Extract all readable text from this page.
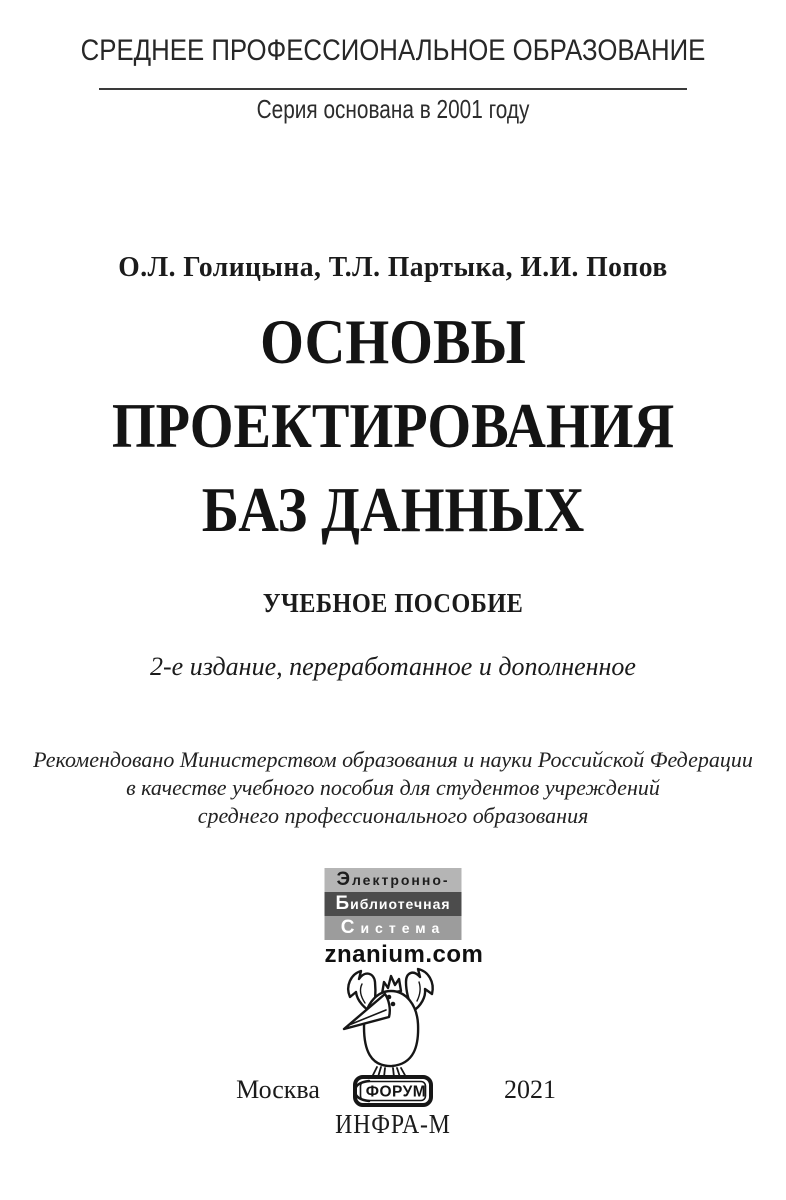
СРЕДНЕЕ ПРОФЕССИОНАЛЬНОЕ ОБРАЗОВАНИЕ
Серия основана в 2001 году
О.Л. Голицына, Т.Л. Партыка, И.И. Попов
ОСНОВЫ
ПРОЕКТИРОВАНИЯ
БАЗ ДАННЫХ
УЧЕБНОЕ ПОСОБИЕ
2-е издание, переработанное и дополненное
Рекомендовано Министерством образования и науки Российской Федерации
в качестве учебного пособия для студентов учреждений
среднего профессионального образования
Электронно-
Библиотечная
Система
znanium.com
ФОРУМ
Москва	2021
ИНФРА-М
